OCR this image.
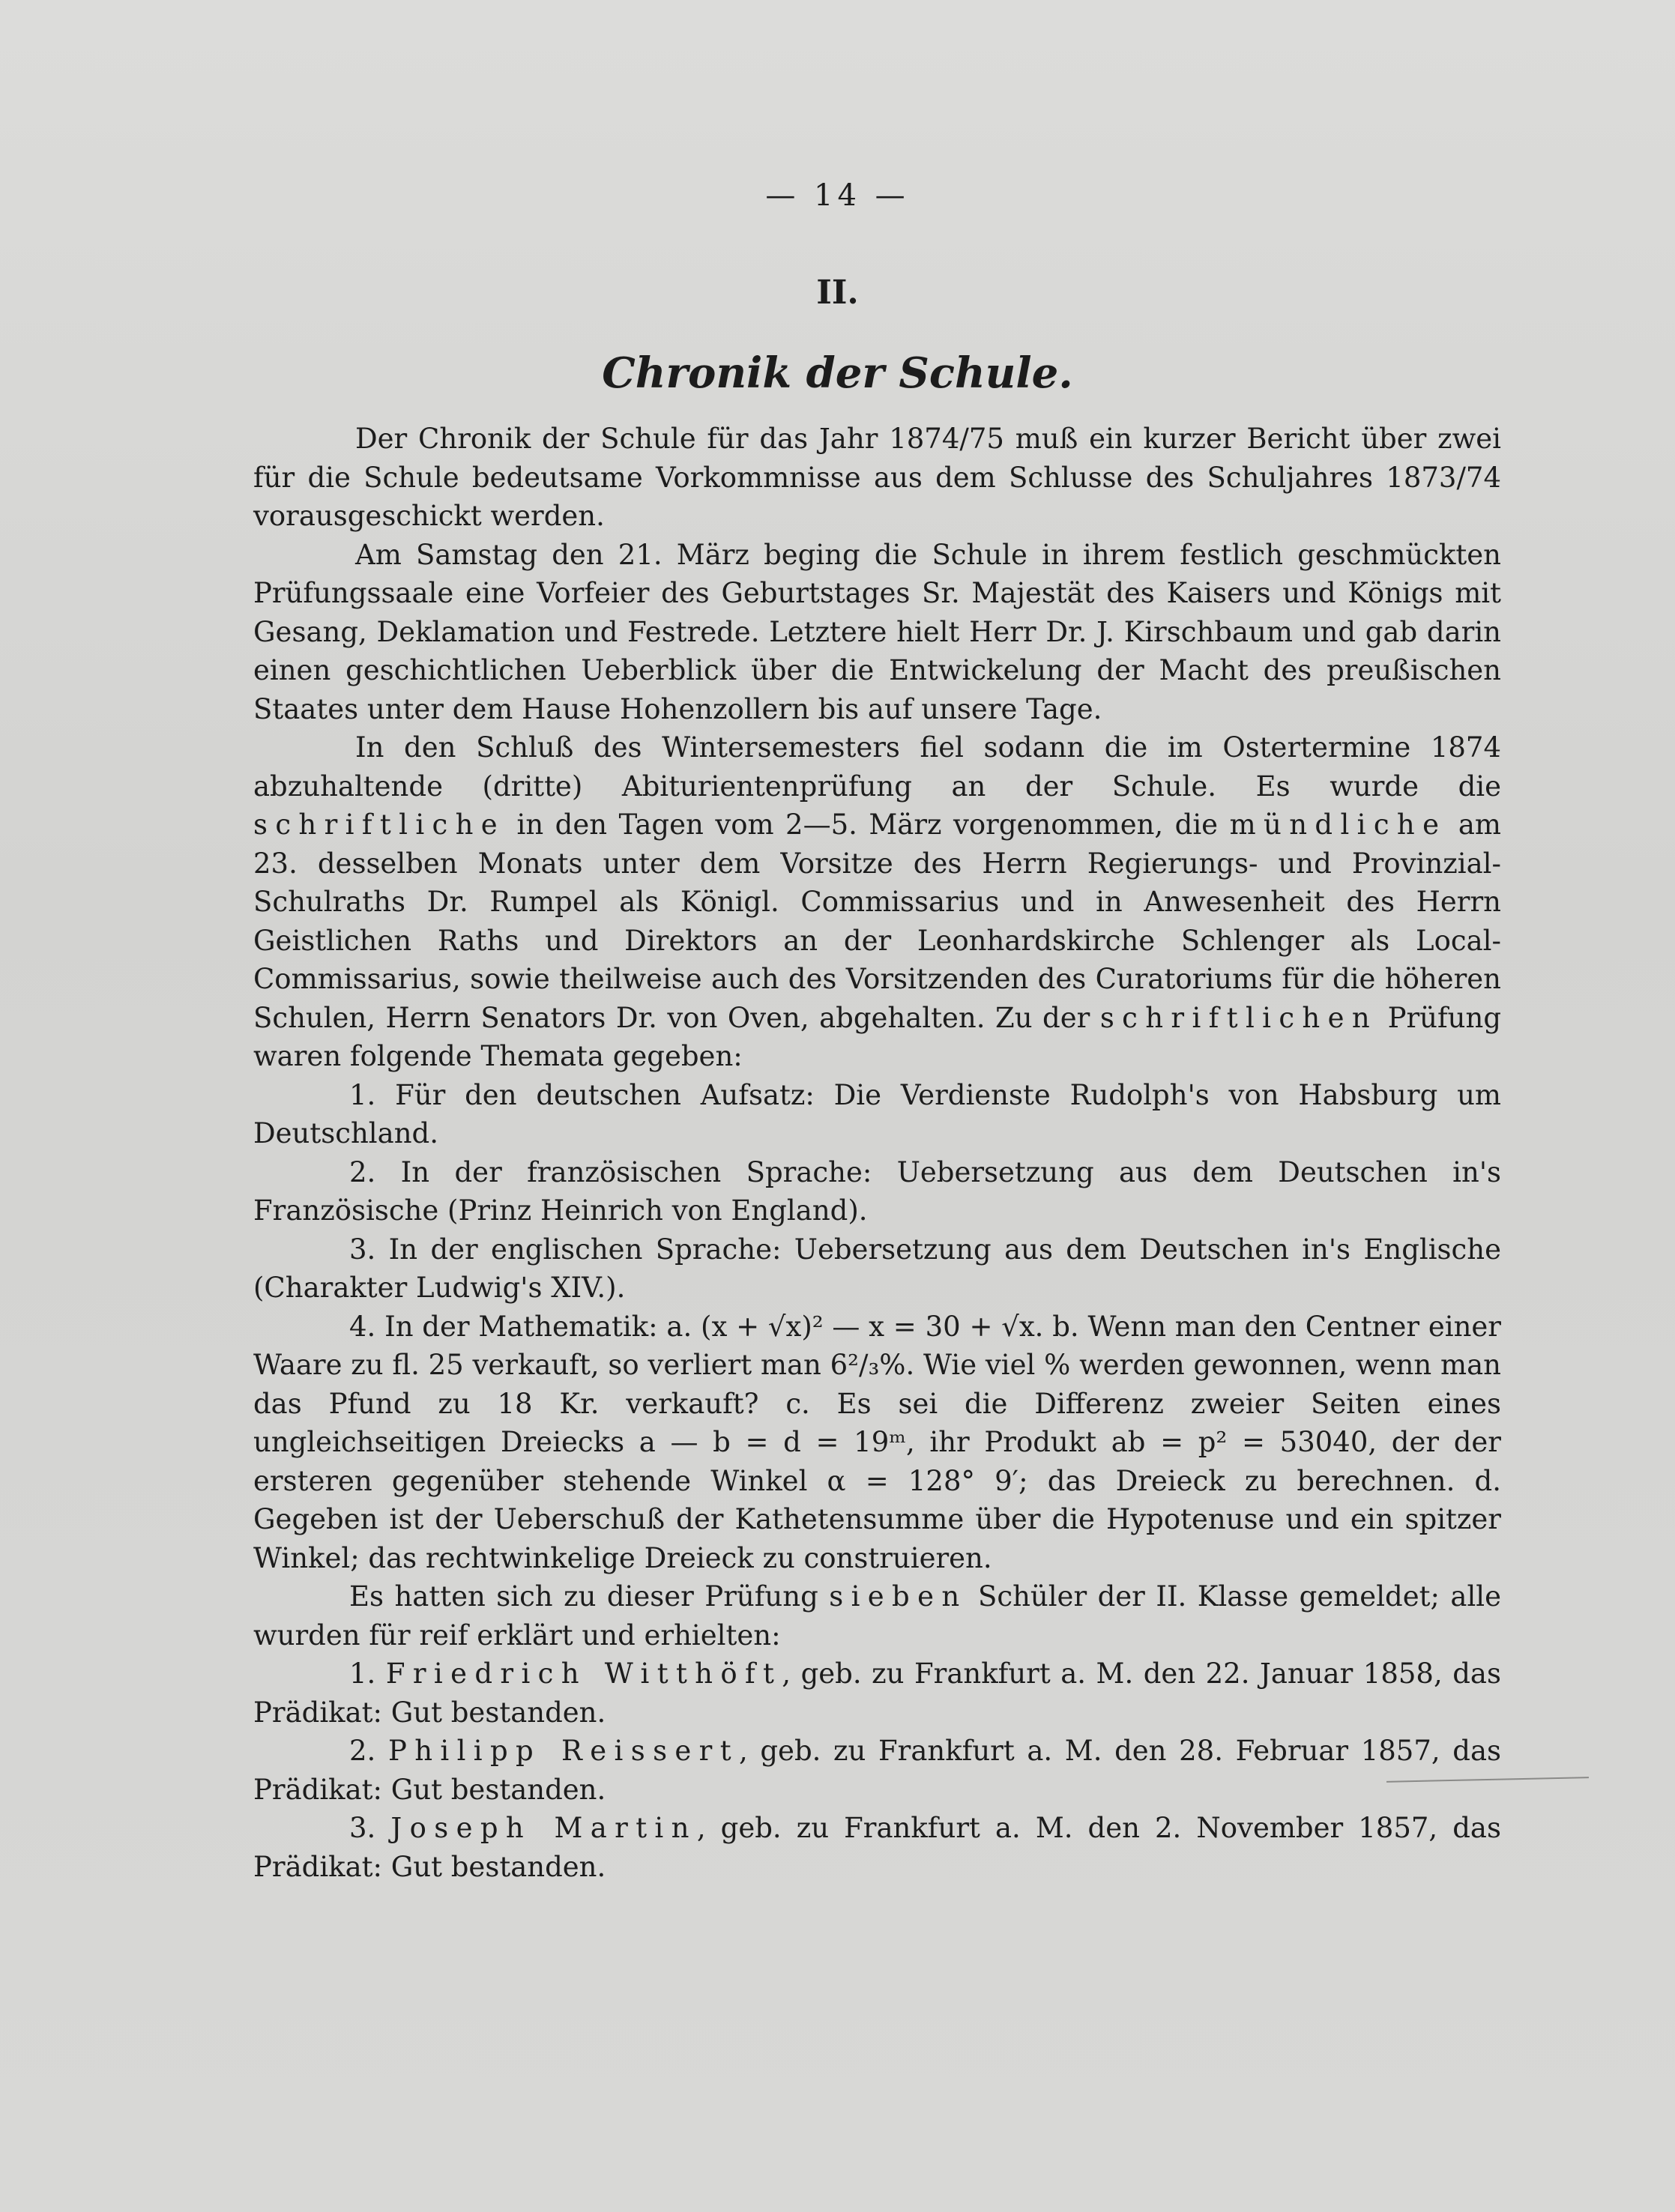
— 14 —
II.
Chronik der Schule.

Der Chronik der Schule für das Jahr 1874/75 muß ein kurzer Bericht über zwei für die Schule bedeutsame Vorkommnisse aus dem Schlusse des Schuljahres 1873/74 vorausgeschickt werden.

Am Samstag den 21. März beging die Schule in ihrem festlich geschmückten Prüfungssaale eine Vorfeier des Geburtstages Sr. Majestät des Kaisers und Königs mit Gesang, Deklamation und Festrede. Letztere hielt Herr Dr. J. Kirschbaum und gab darin einen geschichtlichen Ueberblick über die Entwickelung der Macht des preußischen Staates unter dem Hause Hohenzollern bis auf unsere Tage.

In den Schluß des Wintersemesters fiel sodann die im Ostertermine 1874 abzuhaltende (dritte) Abiturientenprüfung an der Schule. Es wurde die schriftliche in den Tagen vom 2—5. März vorgenommen, die mündliche am 23. desselben Monats unter dem Vorsitze des Herrn Regierungs- und Provinzial-Schulraths Dr. Rumpel als Königl. Commissarius und in Anwesenheit des Herrn Geistlichen Raths und Direktors an der Leonhardskirche Schlenger als Local-Commissarius, sowie theilweise auch des Vorsitzenden des Curatoriums für die höheren Schulen, Herrn Senators Dr. von Oven, abgehalten. Zu der schriftlichen Prüfung waren folgende Themata gegeben:

1. Für den deutschen Aufsatz: Die Verdienste Rudolph's von Habsburg um Deutschland.

2. In der französischen Sprache: Uebersetzung aus dem Deutschen in's Französische (Prinz Heinrich von England).

3. In der englischen Sprache: Uebersetzung aus dem Deutschen in's Englische (Charakter Ludwig's XIV.).

4. In der Mathematik: a. (x + √x)² — x = 30 + √x. b. Wenn man den Centner einer Waare zu fl. 25 verkauft, so verliert man 6²/₃%. Wie viel % werden gewonnen, wenn man das Pfund zu 18 Kr. verkauft? c. Es sei die Differenz zweier Seiten eines ungleichseitigen Dreiecks a — b = d = 19ᵐ, ihr Produkt ab = p² = 53040, der der ersteren gegenüber stehende Winkel α = 128° 9′; das Dreieck zu berechnen. d. Gegeben ist der Ueberschuß der Kathetensumme über die Hypotenuse und ein spitzer Winkel; das rechtwinkelige Dreieck zu construieren.

Es hatten sich zu dieser Prüfung sieben Schüler der II. Klasse gemeldet; alle wurden für reif erklärt und erhielten:

1. Friedrich Witthöft, geb. zu Frankfurt a. M. den 22. Januar 1858, das Prädikat: Gut bestanden.

2. Philipp Reissert, geb. zu Frankfurt a. M. den 28. Februar 1857, das Prädikat: Gut bestanden.

3. Joseph Martin, geb. zu Frankfurt a. M. den 2. November 1857, das Prädikat: Gut bestanden.
